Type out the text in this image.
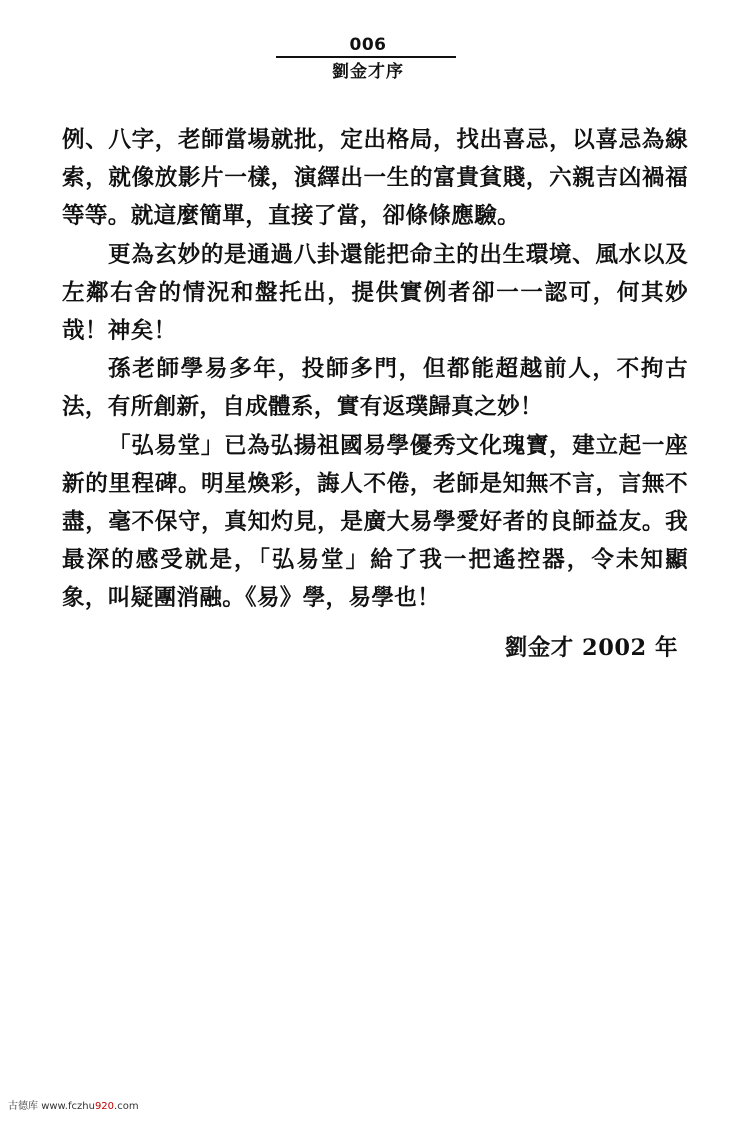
006
劉金才序

例、八字，老師當場就批，定出格局，找出喜忌，以喜忌為線索，就像放影片一樣，演繹出一生的富貴貧賤，六親吉凶禍福等等。就這麼簡單，直接了當，卻條條應驗。

更為玄妙的是通過八卦還能把命主的出生環境、風水以及左鄰右舍的情況和盤托出，提供實例者卻一一認可，何其妙哉！神矣！

孫老師學易多年，投師多門，但都能超越前人，不拘古法，有所創新，自成體系，實有返璞歸真之妙！

「弘易堂」已為弘揚祖國易學優秀文化瑰寶，建立起一座新的里程碑。明星煥彩，誨人不倦，老師是知無不言，言無不盡，毫不保守，真知灼見，是廣大易學愛好者的良師益友。我最深的感受就是，「弘易堂」給了我一把遙控器，令未知顯象，叫疑團消融。《易》學，易學也！

劉金才 2002 年
古德库 www.fczhu920.com
